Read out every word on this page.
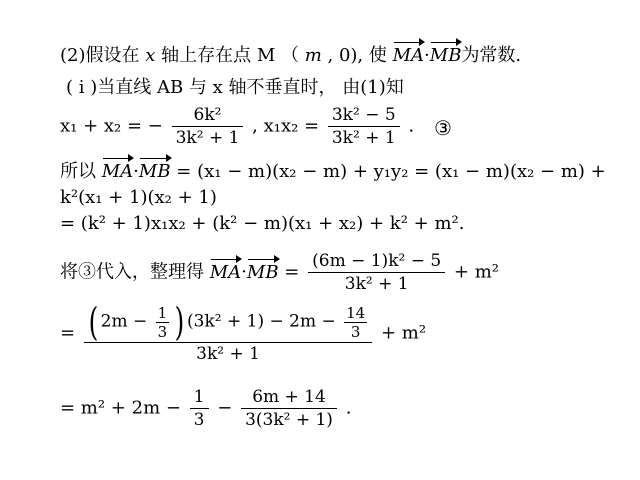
(2)假设在 x 轴上存在点 M （ m , 0), 使 MA·MB为常数.
( i )当直线 AB 与 x 轴不垂直时， 由(1)知
x₁ + x₂ = − $\frac{\text{6k²}}{\text{3k² + 1}}$ , $x_1x_2 = \frac{\text{3k² − 5}}{\text{3k² + 1}}$ . ③
所以 MA·MB = (x₁ − m)(x₂ − m) + y₁y₂ = (x₁ − m)(x₂ − m) +
k²(x₁ + 1)(x₂ + 1)
= (k² + 1)x₁x₂ + (k² − m)(x₁ + x₂) + k² + m².
将③代入，整理得 $MA\cdot MB = \frac{\text{(6m − 1)k² − 5}}{\text{3k² + 1}} + m^2$
= ( $2m - \frac{1}{3}$ ) $(3k^2 + 1) - 2m - \frac{14}{3}$
3k² + 1
+ m²
= $m^2 + 2m - \frac{1}{3} - \frac{6m + 14}{\text{3(3k² + 1)}}$ .
